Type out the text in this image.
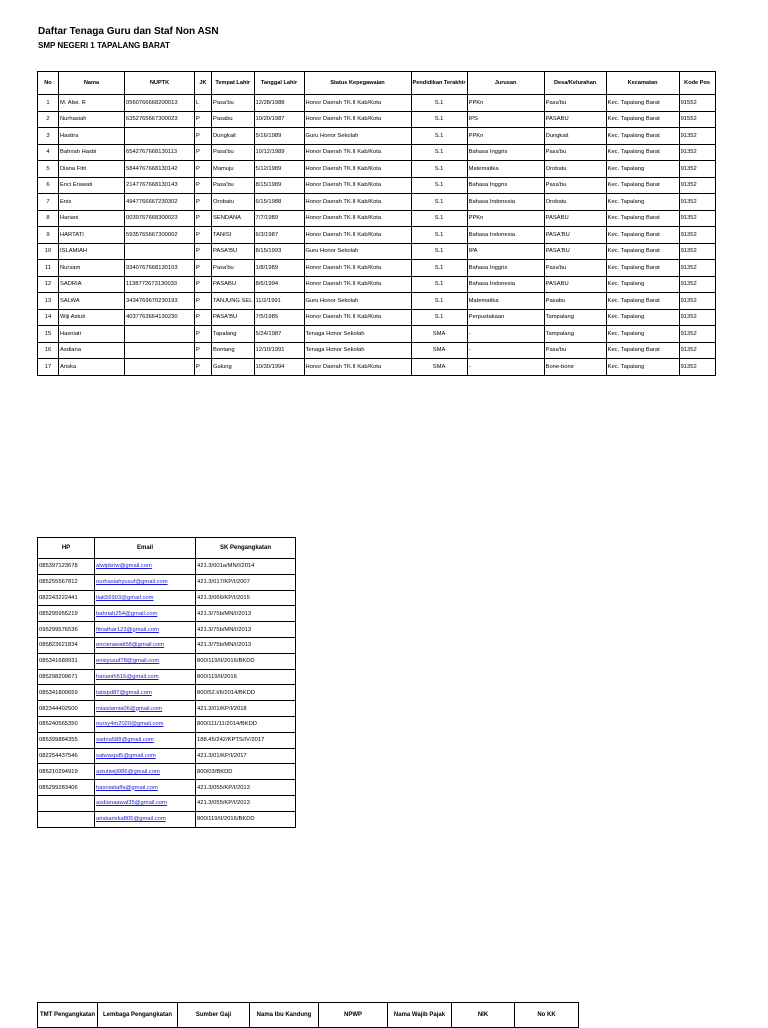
Daftar Tenaga Guru dan Staf Non ASN
SMP NEGERI 1 TAPALANG BARAT
No	Nama	NUPTK	JK	Tempat Lahir	Tanggal Lahir	Status Kepegawaian	Pendidikan Terakhir	Jurusan	Desa/Kelurahan	Kecamatan	Kode Pos
1	M. Alwi. R	0560766668200013	L	Pasa'bu	12/28/1988	Honor Daerah TK.II Kab/Kota	S.1	PPKn	Pasa'bu	Kec. Tapalang Barat	91552
2	Nurhasiah	6352765667300023	P	Pasabu	10/20/1987	Honor Daerah TK.II Kab/Kota	S.1	IPS	PASABU	Kec. Tapalang Barat	91552
3	Hastira		P	Dungkait	5/16/1989	Guru Honor Sekolah	S.1	PPKn	Dungkait	Kec. Tapalang Barat	91352
4	Bahriah Hasbi	6542767668130113	P	Pasa'bu	10/12/1989	Honor Daerah TK.II Kab/Kota	S.1	Bahasa Inggris	Pasa'bu	Kec. Tapalang Barat	91352
5	Diana Fitri	5844767668130142	P	Mamuju	5/12/1989	Honor Daerah TK.II Kab/Kota	S.1	Matematika	Orobatu	Kec. Tapalang	91352
6	Enci Erawati	2147767668130143	P	Pasa'bu	8/15/1989	Honor Daerah TK.II Kab/Kota	S.1	Bahasa Inggris	Pasa'bu	Kec. Tapalang Barat	91352
7	Enis	4947766667230302	P	Orobatu	6/15/1988	Honor Daerah TK.II Kab/Kota	S.1	Bahasa Indonesia	Orobatu	Kec. Tapalang	91352
8	Hariani	0039767668300023	P	SENDANA	7/7/1989	Honor Daerah TK.II Kab/Kota	S.1	PPKn	PASABU	Kec. Tapalang Barat	91352
9	HARTATI	5935765667300002	P	TANISI	6/3/1987	Honor Daerah TK.II Kab/Kota	S.1	Bahasa Indonesia	PASA'BU	Kec. Tapalang Barat	91352
10	ISLAMIAH		P	PASA'BU	8/15/1993	Guru Honor Sekolah	S.1	IPA	PASA'BU	Kec. Tapalang Barat	91352
11	Nursam	9340767668130103	P	Pasa'bu	1/8/1989	Honor Daerah TK.II Kab/Kota	S.1	Bahasa Inggris	Pasa'bu	Kec. Tapalang Barat	91352
12	SADRIA	1138772673130033	P	PASABU	8/6/1994	Honor Daerah TK.II Kab/Kota	S.1	Bahasa Indonesia	PASABU	Kec. Tapalang	91352
13	SALWA	3434769670230193	P	TANJUNG SEL	11/2/1991	Guru Honor Sekolah	S.1	Matematika	Pasabu	Kec. Tapalang Barat	91352
14	Wiji Astuti	4037763664130230	P	PASA'BU	7/5/1985	Honor Daerah TK.II Kab/Kota	S.1	Perpustakaan	Tampalang	Kec. Tapalang	91352
15	Hasniati		P	Tapalang	5/24/1987	Tenaga Honor Sekolah	SMA	-	Tampalang	Kec. Tapalang	91352
16	Asdiana		P	Bontang	12/10/1991	Tenaga Honor Sekolah	SMA	-	Pasa'bu	Kec. Tapalang Barat	91352
17	Ariska		P	Galung	10/30/1994	Honor Daerah TK.II Kab/Kota	SMA	-	Bone-bone	Kec. Tapalang	91352
HP	Email	SK Pengangkatan
085397123678	alwipknw@gmail.com	421.3/001a/MN/I/2014
085255567812	nurhasiahyusuf@gmail.com	421.3/017/KP/I/2007
082243222441	tiak56903@gmail.com	421.3/066/KP/I/2015
085295955219	bahriah254@gmail.com	421.3/75b/MN/I/2013
095299576536	fitriathar123@gmail.com	421.3/75b/MN/I/2013
085823621834	encierawati58@gmail.com	421.3/75b/MN/I/2013
085341689931	enisyusuf78@gmail.com	800/119/II/2016/BKDD
085298209671	harianih516@gmail.com	800/119/II/2016
085341800659	tatispd87@gmail.com	800/52.t/II/2014/BKDD
082344402500	miaislamia06@gmail.com	421.3/01/KP/I/2018
085240565350	nursy4m2020@gmail.com	800/111/11/2014/BKDD
085399884355	sadria588@gmail.com	188.45/242/KPTS/IV/2017
082254437546	salwaspd5@gmail.com	421.3/01/KP/I/2017
085210294919	astutiwiji986@gmail.com	800/03/BKDD
085299283406	hasniatiaffa@gmail.com	421.3/055/KP/I/2013
	asdianaawal35@gmail.com	421.3/055/KP/I/2013
	ariskariska805@gmail.com	800/119/II/2016/BKDD
TMT Pengangkatan	Lembaga Pengangkatan	Sumber Gaji	Nama Ibu Kandung	NPWP	Nama Wajib Pajak	NIK	No KK
